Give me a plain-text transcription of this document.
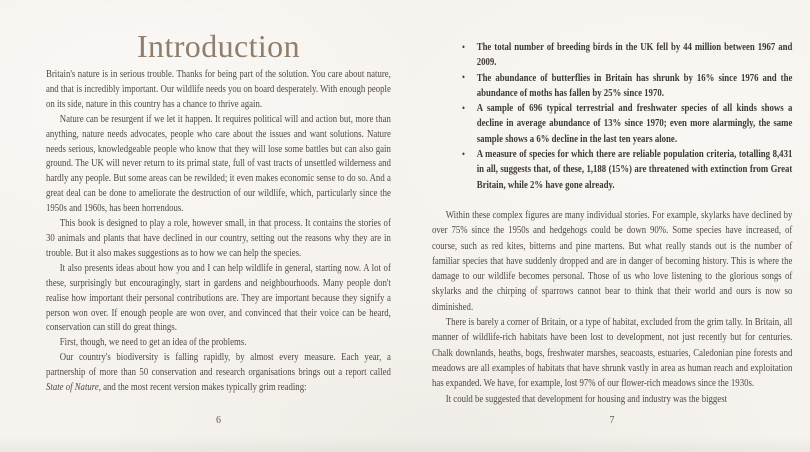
Introduction

Britain's nature is in serious trouble. Thanks for being part of the solution. You care about nature, and that is incredibly important. Our wildlife needs you on board desperately. With enough people on its side, nature in this country has a chance to thrive again.

Nature can be resurgent if we let it happen. It requires political will and action but, more than anything, nature needs advocates, people who care about the issues and want solutions. Nature needs serious, knowledgeable people who know that they will lose some battles but can also gain ground. The UK will never return to its primal state, full of vast tracts of unsettled wilderness and hardly any people. But some areas can be rewilded; it even makes economic sense to do so. And a great deal can be done to ameliorate the destruction of our wildlife, which, particularly since the 1950s and 1960s, has been horrendous.

This book is designed to play a role, however small, in that process. It contains the stories of 30 animals and plants that have declined in our country, setting out the reasons why they are in trouble. But it also makes suggestions as to how we can help the species.

It also presents ideas about how you and I can help wildlife in general, starting now. A lot of these, surprisingly but encouragingly, start in gardens and neighbourhoods. Many people don't realise how important their personal contributions are. They are important because they signify a person won over. If enough people are won over, and convinced that their voice can be heard, conservation can still do great things.

First, though, we need to get an idea of the problems.

Our country's biodiversity is falling rapidly, by almost every measure. Each year, a partnership of more than 50 conservation and research organisations brings out a report called State of Nature, and the most recent version makes typically grim reading:

6
• The total number of breeding birds in the UK fell by 44 million between 1967 and 2009.
• The abundance of butterflies in Britain has shrunk by 16% since 1976 and the abundance of moths has fallen by 25% since 1970.
• A sample of 696 typical terrestrial and freshwater species of all kinds shows a decline in average abundance of 13% since 1970; even more alarmingly, the same sample shows a 6% decline in the last ten years alone.
• A measure of species for which there are reliable population criteria, totalling 8,431 in all, suggests that, of these, 1,188 (15%) are threatened with extinction from Great Britain, while 2% have gone already.

Within these complex figures are many individual stories. For example, skylarks have declined by over 75% since the 1950s and hedgehogs could be down 90%. Some species have increased, of course, such as red kites, bitterns and pine martens. But what really stands out is the number of familiar species that have suddenly dropped and are in danger of becoming history. This is where the damage to our wildlife becomes personal. Those of us who love listening to the glorious songs of skylarks and the chirping of sparrows cannot bear to think that their world and ours is now so diminished.

There is barely a corner of Britain, or a type of habitat, excluded from the grim tally. In Britain, all manner of wildlife-rich habitats have been lost to development, not just recently but for centuries. Chalk downlands, heaths, bogs, freshwater marshes, seacoasts, estuaries, Caledonian pine forests and meadows are all examples of habitats that have shrunk vastly in area as human reach and exploitation has expanded. We have, for example, lost 97% of our flower-rich meadows since the 1930s.

It could be suggested that development for housing and industry was the biggest

7
